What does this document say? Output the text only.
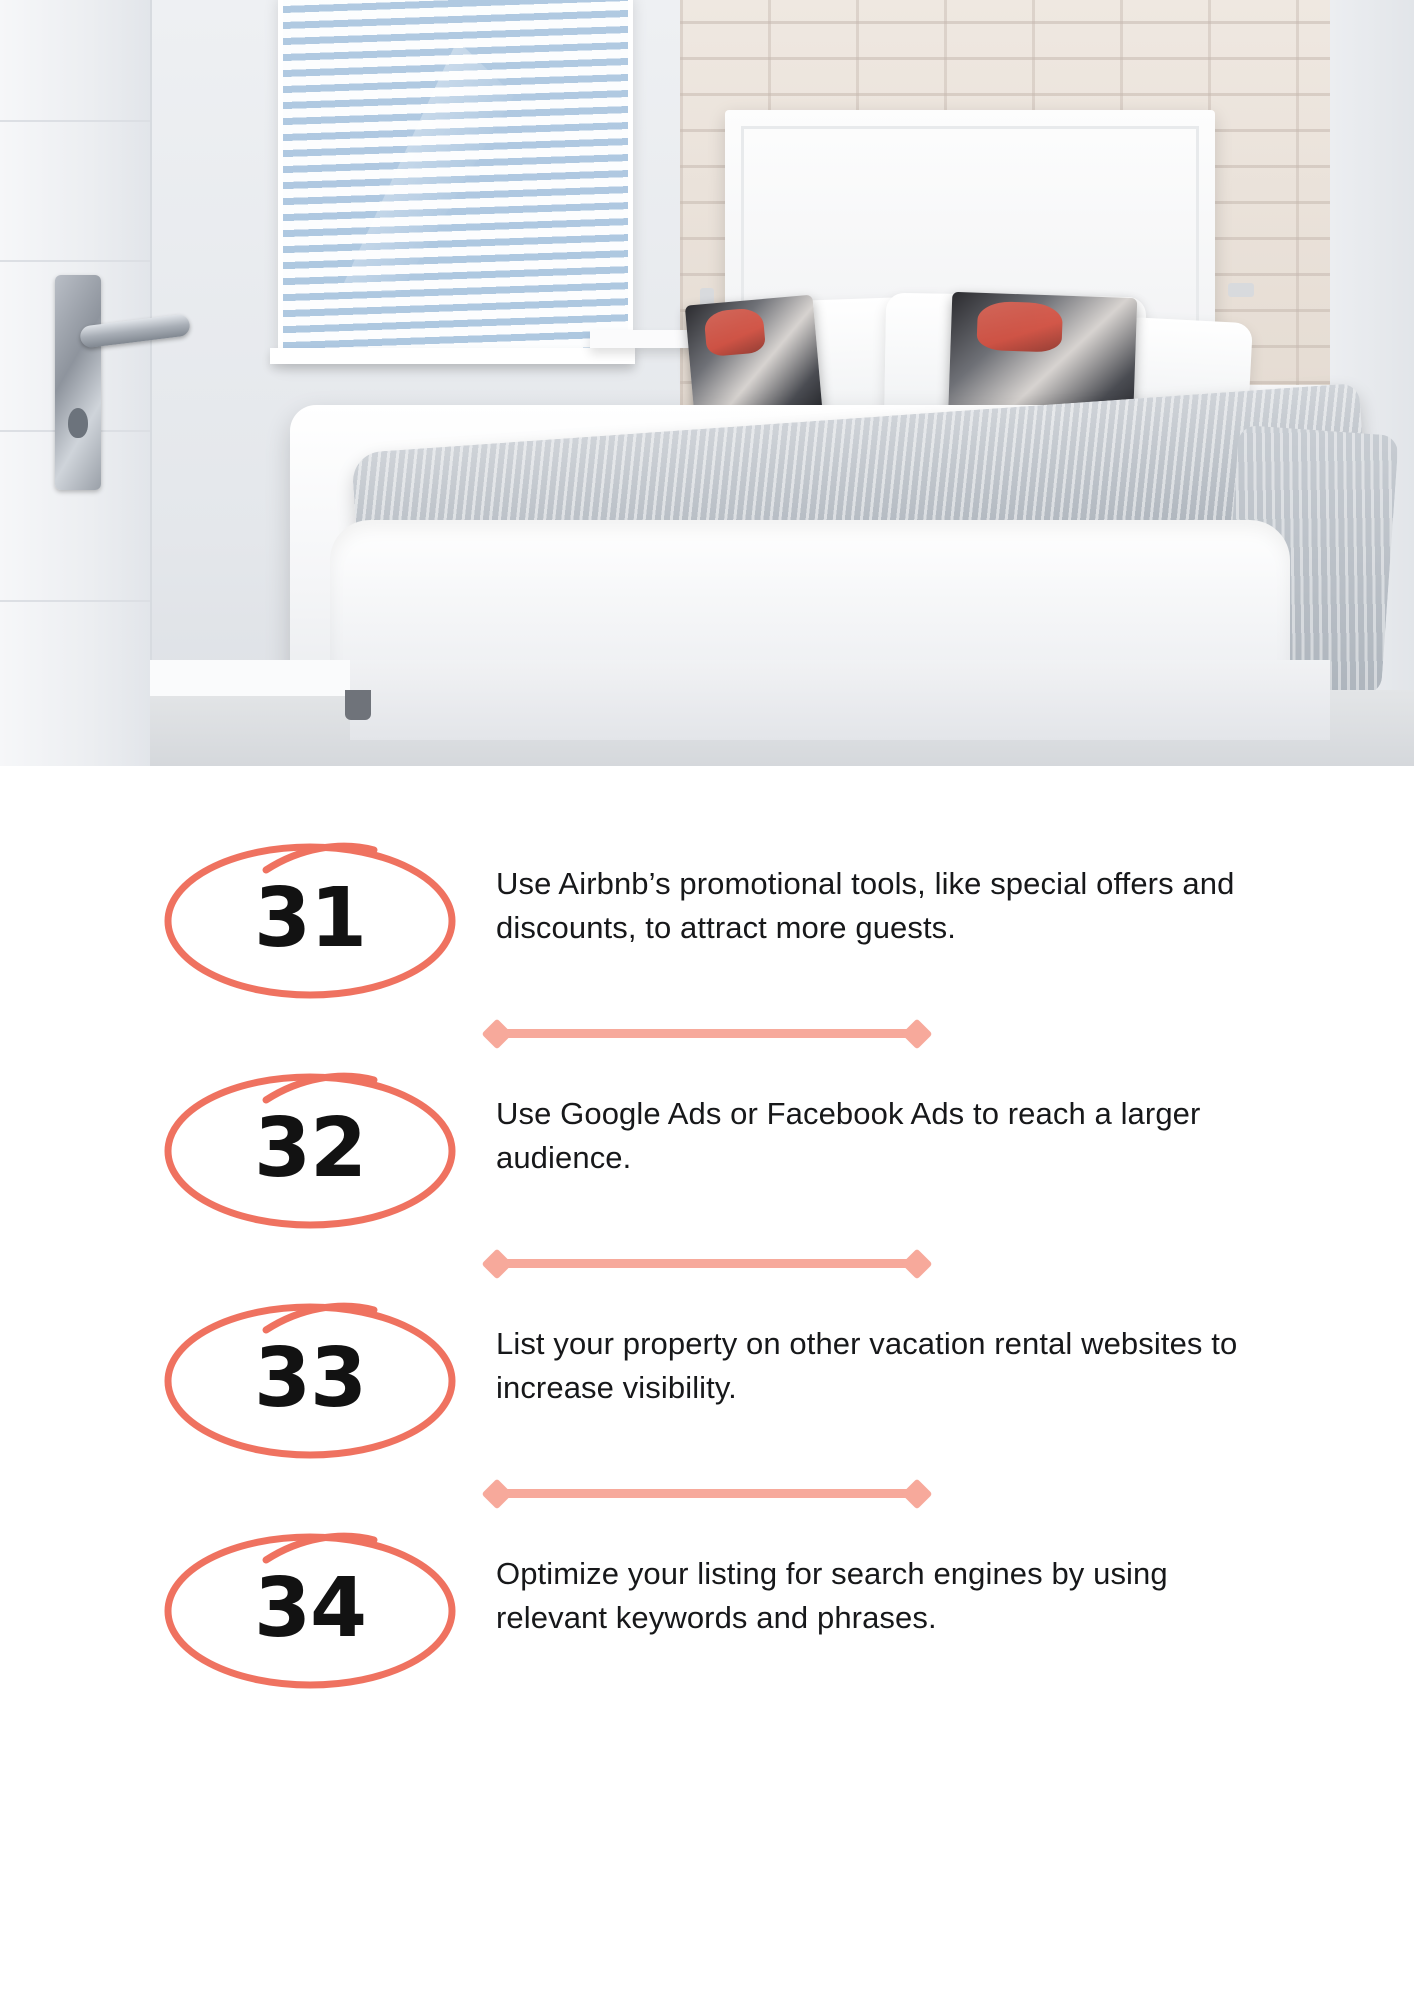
31	Use Airbnb’s promotional tools, like special offers and discounts, to attract more guests.
32	Use Google Ads or Facebook Ads to reach a larger audience.
33	List your property on other vacation rental websites to increase visibility.
34	Optimize your listing for search engines by using relevant keywords and phrases.
